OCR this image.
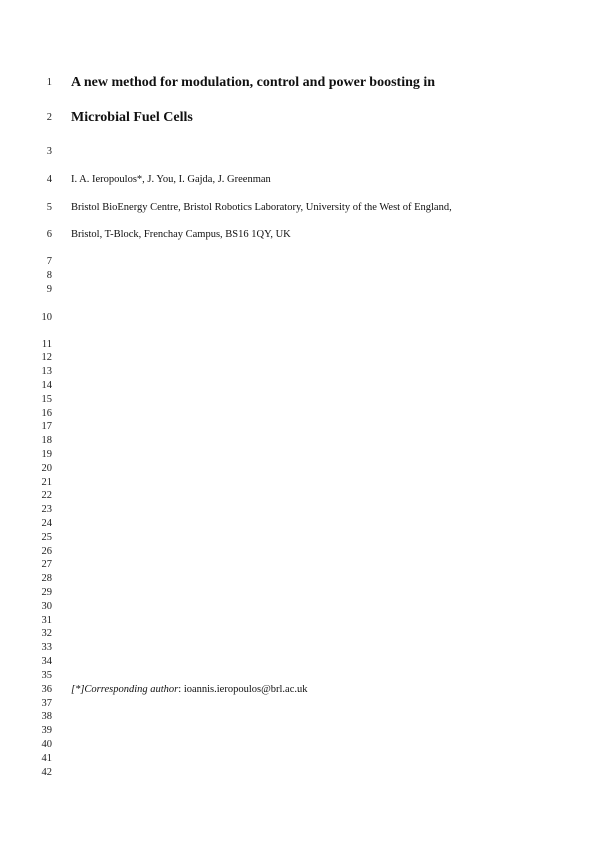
1
2
3
4
5
6
7
8
9
10
11
12
13
14
15
16
17
18
19
20
21
22
23
24
25
26
27
28
29
30
31
32
33
34
35
36
37
38
39
40
41
42
A new method for modulation, control and power boosting in
Microbial Fuel Cells
I. A. Ieropoulos*, J. You, I. Gajda, J. Greenman
Bristol BioEnergy Centre, Bristol Robotics Laboratory, University of the West of England,
Bristol, T-Block, Frenchay Campus, BS16 1QY, UK
[*]Corresponding author: ioannis.ieropoulos@brl.ac.uk
